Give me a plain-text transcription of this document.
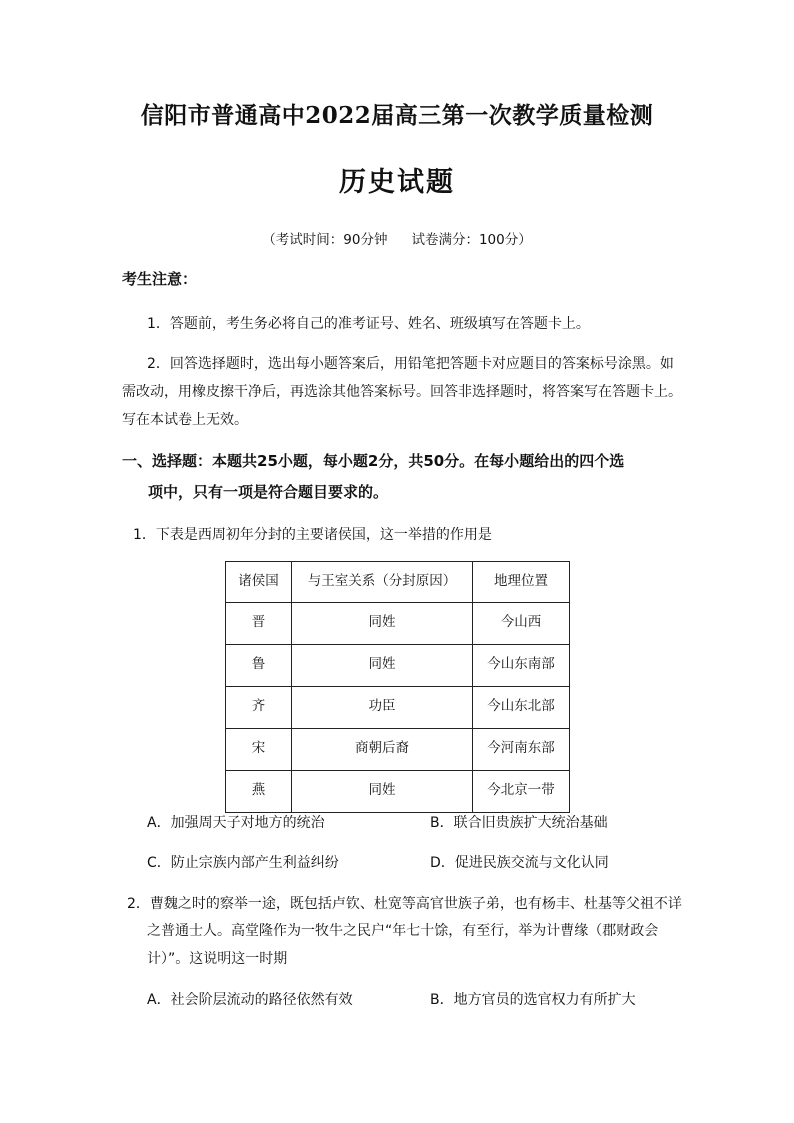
信阳市普通高中2022届高三第一次教学质量检测
历史试题
（考试时间：90分钟 试卷满分：100分）
考生注意：
1．答题前，考生务必将自己的准考证号、姓名、班级填写在答题卡上。
2．回答选择题时，选出每小题答案后，用铅笔把答题卡对应题目的答案标号涂黑。如
需改动，用橡皮擦干净后，再选涂其他答案标号。回答非选择题时，将答案写在答题卡上。
写在本试卷上无效。
一、选择题：本题共25小题，每小题2分，共50分。在每小题给出的四个选
项中，只有一项是符合题目要求的。
1．下表是西周初年分封的主要诸侯国，这一举措的作用是
诸侯国	与王室关系（分封原因）	地理位置
晋	同姓	今山西
鲁	同姓	今山东南部
齐	功臣	今山东北部
宋	商朝后裔	今河南东部
燕	同姓	今北京一带
A．加强周天子对地方的统治	B．联合旧贵族扩大统治基础
C．防止宗族内部产生利益纠纷	D．促进民族交流与文化认同
2．曹魏之时的察举一途，既包括卢钦、杜宽等高官世族子弟，也有杨丰、杜基等父祖不详
之普通士人。高堂隆作为一牧牛之民户“年七十馀，有至行，举为计曹缘（郡财政会
计）”。这说明这一时期
A．社会阶层流动的路径依然有效	B．地方官员的选官权力有所扩大
